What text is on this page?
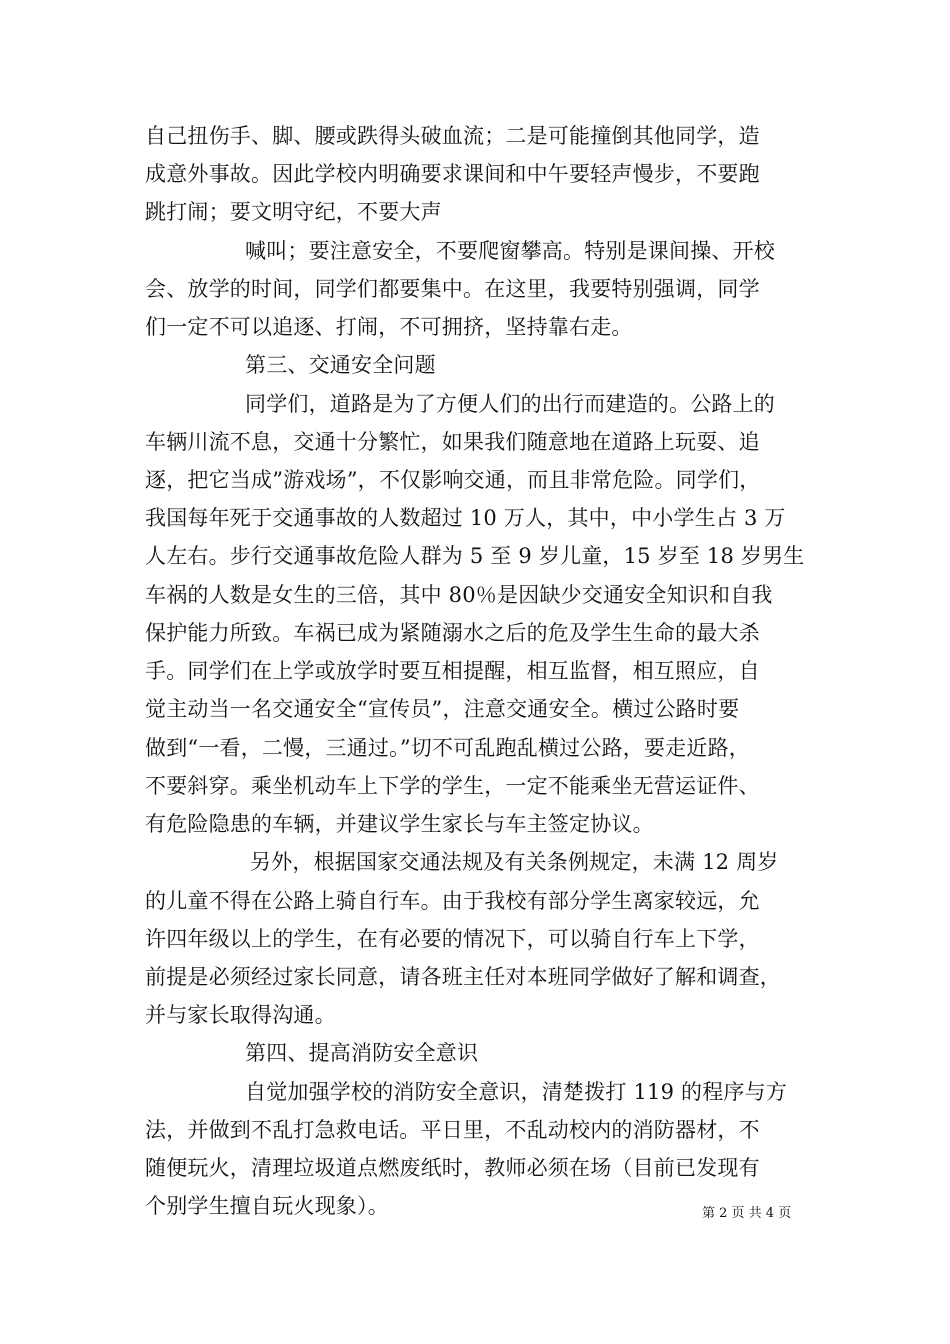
自己扭伤手、脚、腰或跌得头破血流；二是可能撞倒其他同学，造
成意外事故。因此学校内明确要求课间和中午要轻声慢步，不要跑
跳打闹；要文明守纪，不要大声
喊叫；要注意安全，不要爬窗攀高。特别是课间操、开校
会、放学的时间，同学们都要集中。在这里，我要特别强调，同学
们一定不可以追逐、打闹，不可拥挤，坚持靠右走。
第三、交通安全问题
同学们，道路是为了方便人们的出行而建造的。公路上的
车辆川流不息，交通十分繁忙，如果我们随意地在道路上玩耍、追
逐，把它当成”游戏场”，不仅影响交通，而且非常危险。同学们，
我国每年死于交通事故的人数超过 10 万人，其中，中小学生占 3 万
人左右。步行交通事故危险人群为 5 至 9 岁儿童，15 岁至 18 岁男生
车祸的人数是女生的三倍，其中 80％是因缺少交通安全知识和自我
保护能力所致。车祸已成为紧随溺水之后的危及学生生命的最大杀
手。同学们在上学或放学时要互相提醒，相互监督，相互照应，自
觉主动当一名交通安全“宣传员”，注意交通安全。横过公路时要
做到“一看，二慢，三通过。”切不可乱跑乱横过公路，要走近路，
不要斜穿。乘坐机动车上下学的学生，一定不能乘坐无营运证件、
有危险隐患的车辆，并建议学生家长与车主签定协议。
另外，根据国家交通法规及有关条例规定，未满 12 周岁
的儿童不得在公路上骑自行车。由于我校有部分学生离家较远，允
许四年级以上的学生，在有必要的情况下，可以骑自行车上下学，
前提是必须经过家长同意，请各班主任对本班同学做好了解和调查，
并与家长取得沟通。
第四、提高消防安全意识
自觉加强学校的消防安全意识，清楚拨打 119 的程序与方
法，并做到不乱打急救电话。平日里，不乱动校内的消防器材，不
随便玩火，清理垃圾道点燃废纸时，教师必须在场（目前已发现有
个别学生擅自玩火现象）。	第 2 页 共 4 页
